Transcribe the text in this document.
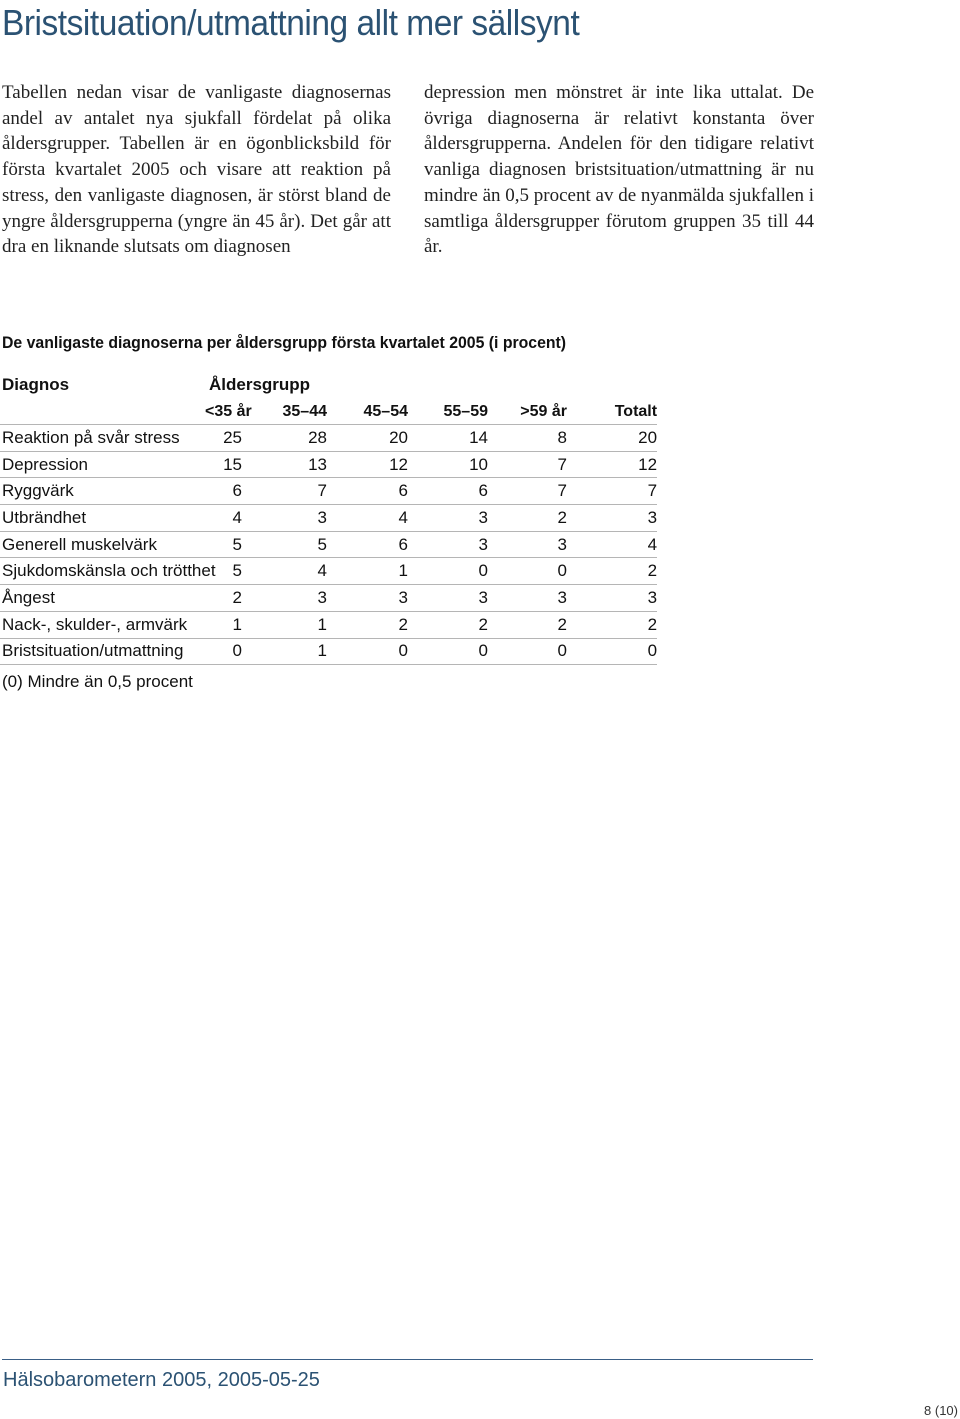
Bristsituation/utmattning allt mer sällsynt

Tabellen nedan visar de vanligaste diagnosernas andel av antalet nya sjukfall fördelat på olika åldersgrupper. Tabellen är en ögonblicksbild för första kvartalet 2005 och visare att reaktion på stress, den vanligaste diagnosen, är störst bland de yngre åldersgrupperna (yngre än 45 år). Det går att dra en liknande slutsats om diagnosen

depression men mönstret är inte lika uttalat. De övriga diagnoserna är relativt konstanta över åldersgrupperna. Andelen för den tidigare relativt vanliga diagnosen bristsituation/utmattning är nu mindre än 0,5 procent av de nyanmälda sjukfallen i samtliga åldersgrupper förutom gruppen 35 till 44 år.

De vanligaste diagnoserna per åldersgrupp första kvartalet 2005 (i procent)

Diagnos	Åldersgrupp					
	<35 år	35–44	45–54	55–59	>59 år	Totalt
Reaktion på svår stress	25	28	20	14	8	20
Depression	15	13	12	10	7	12
Ryggvärk	6	7	6	6	7	7
Utbrändhet	4	3	4	3	2	3
Generell muskelvärk	5	5	6	3	3	4
Sjukdomskänsla och trötthet	5	4	1	0	0	2
Ångest	2	3	3	3	3	3
Nack-, skulder-, armvärk	1	1	2	2	2	2
Bristsituation/utmattning	0	1	0	0	0	0

(0) Mindre än 0,5 procent

Hälsobarometern 2005, 2005-05-25

8 (10)
